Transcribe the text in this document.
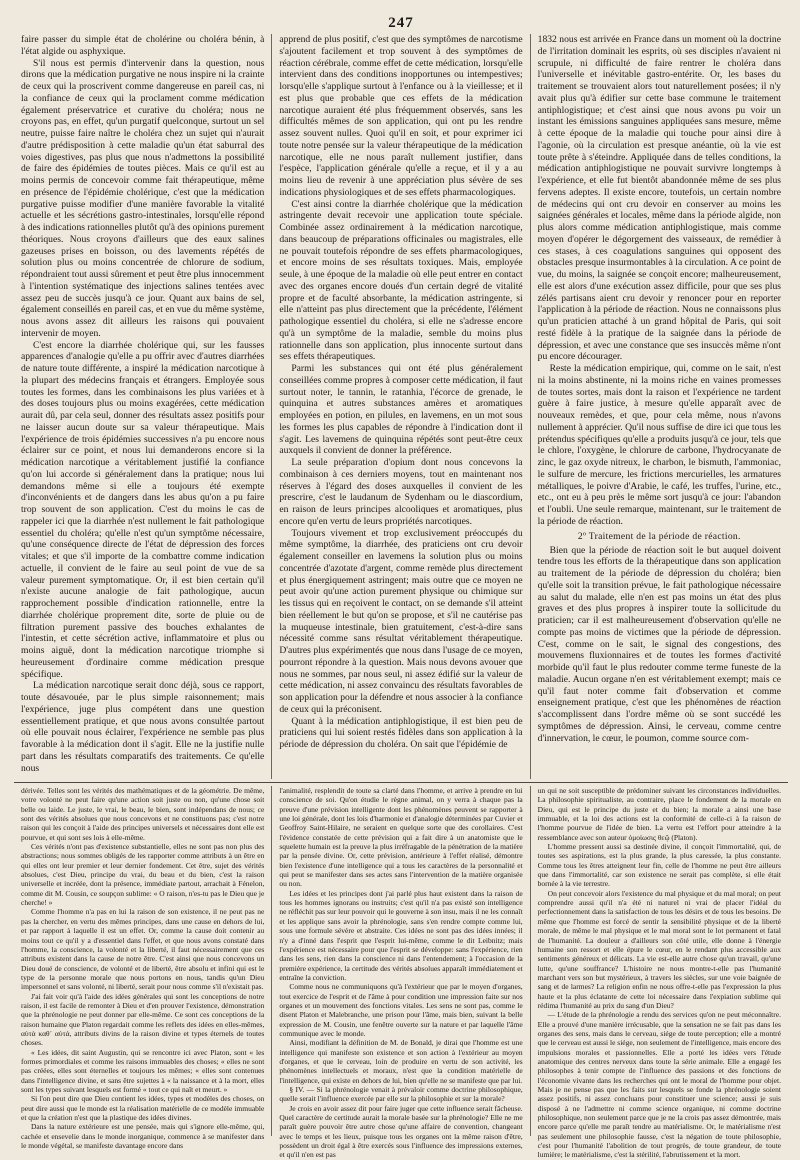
247

faire passer du simple état de cholérine ou choléra bénin, à l'état algide ou asphyxique.

S'il nous est permis d'intervenir dans la question, nous dirons que la médication purgative ne nous inspire ni la crainte de ceux qui la proscrivent comme dangereuse en pareil cas, ni la confiance de ceux qui la proclament comme médication également préservatrice et curative du choléra; nous ne croyons pas, en effet, qu'un purgatif quelconque, surtout un sel neutre, puisse faire naître le choléra chez un sujet qui n'aurait d'autre prédisposition à cette maladie qu'un état saburral des voies digestives, pas plus que nous n'admettons la possibilité de faire des épidémies de toutes pièces. Mais ce qu'il est au moins permis de concevoir comme fait thérapeutique, même en présence de l'épidémie cholérique, c'est que la médication purgative puisse modifier d'une manière favorable la vitalité actuelle et les sécrétions gastro-intestinales, lorsqu'elle répond à des indications rationnelles plutôt qu'à des opinions purement théoriques. Nous croyons d'ailleurs que des eaux salines gazeuses prises en boisson, ou des lavements répétés de solution plus ou moins concentrée de chlorure de sodium, répondraient tout aussi sûrement et peut être plus innocemment à l'intention systématique des injections salines tentées avec assez peu de succès jusqu'à ce jour. Quant aux bains de sel, également conseillés en pareil cas, et en vue du même système, nous avons assez dit ailleurs les raisons qui pouvaient intervenir de moyen.

C'est encore la diarrhée cholérique qui, sur les fausses apparences d'analogie qu'elle a pu offrir avec d'autres diarrhées de nature toute différente, a inspiré la médication narcotique à la plupart des médecins français et étrangers. Employée sous toutes les formes, dans les combinaisons les plus variées et à des doses toujours plus ou moins exagérées, cette médication aurait dû, par cela seul, donner des résultats assez positifs pour ne laisser aucun doute sur sa valeur thérapeutique. Mais l'expérience de trois épidémies successives n'a pu encore nous éclairer sur ce point, et nous lui demanderons encore si la médication narcotique a véritablement justifié la confiance qu'on lui accorde si généralement dans la pratique; nous lui demandons même si elle a toujours été exempte d'inconvénients et de dangers dans les abus qu'on a pu faire trop souvent de son application. C'est du moins le cas de rappeler ici que la diarrhée n'est nullement le fait pathologique essentiel du choléra; qu'elle n'est qu'un symptôme nécessaire, qu'une conséquence directe de l'état de dépression des forces vitales; et que s'il importe de la combattre comme indication actuelle, il convient de le faire au seul point de vue de sa valeur purement symptomatique. Or, il est bien certain qu'il n'existe aucune analogie de fait pathologique, aucun rapprochement possible d'indication rationnelle, entre la diarrhée cholérique proprement dite, sorte de pluie ou de filtration purement passive des bouches exhalantes de l'intestin, et cette sécrétion active, inflammatoire et plus ou moins aiguë, dont la médication narcotique triomphe si heureusement d'ordinaire comme médication presque spécifique.

La médication narcotique serait donc déjà, sous ce rapport, toute désavouée, par le plus simple raisonnement; mais l'expérience, juge plus compétent dans une question essentiellement pratique, et que nous avons consultée partout où elle pouvait nous éclairer, l'expérience ne semble pas plus favorable à la médication dont il s'agit. Elle ne la justifie nulle part dans les résultats comparatifs des traitements. Ce qu'elle nous

apprend de plus positif, c'est que des symptômes de narcotisme s'ajoutent facilement et trop souvent à des symptômes de réaction cérébrale, comme effet de cette médication, lorsqu'elle intervient dans des conditions inopportunes ou intempestives; lorsqu'elle s'applique surtout à l'enfance ou à la vieillesse; et il est plus que probable que ces effets de la médication narcotique auraient été plus fréquemment observés, sans les difficultés mêmes de son application, qui ont pu les rendre assez souvent nulles. Quoi qu'il en soit, et pour exprimer ici toute notre pensée sur la valeur thérapeutique de la médication narcotique, elle ne nous paraît nullement justifier, dans l'espèce, l'application générale qu'elle a reçue, et il y a au moins lieu de revenir à une appréciation plus sévère de ses indications physiologiques et de ses effets pharmacologiques.

C'est ainsi contre la diarrhée cholérique que la médication astringente devait recevoir une application toute spéciale. Combinée assez ordinairement à la médication narcotique, dans beaucoup de préparations officinales ou magistrales, elle ne pouvait toutefois répondre de ses effets pharmacologiques, et encore moins de ses résultats toxiques. Mais, employée seule, à une époque de la maladie où elle peut entrer en contact avec des organes encore doués d'un certain degré de vitalité propre et de faculté absorbante, la médication astringente, si elle n'atteint pas plus directement que la précédente, l'élément pathologique essentiel du choléra, si elle ne s'adresse encore qu'à un symptôme de la maladie, semble du moins plus rationnelle dans son application, plus innocente surtout dans ses effets thérapeutiques.

Parmi les substances qui ont été plus généralement conseillées comme propres à composer cette médication, il faut surtout noter, le tannin, le ratanhia, l'écorce de grenade, le quinquina et autres substances amères et aromatiques employées en potion, en pilules, en lavemens, en un mot sous les formes les plus capables de répondre à l'indication dont il s'agit. Les lavemens de quinquina répétés sont peut-être ceux auxquels il convient de donner la préférence.

La seule préparation d'opium dont nous concevons la combinaison à ces derniers moyens, tout en maintenant nos réserves à l'égard des doses auxquelles il convient de les prescrire, c'est le laudanum de Sydenham ou le diascordium, en raison de leurs principes alcooliques et aromatiques, plus encore qu'en vertu de leurs propriétés narcotiques.

Toujours vivement et trop exclusivement préoccupés du même symptôme, la diarrhée, des praticiens ont cru devoir également conseiller en lavemens la solution plus ou moins concentrée d'azotate d'argent, comme remède plus directement et plus énergiquement astringent; mais outre que ce moyen ne peut avoir qu'une action purement physique ou chimique sur les tissus qui en reçoivent le contact, on se demande s'il atteint bien réellement le but qu'on se propose, et s'il ne cautérise pas la muqueuse intestinale, bien gratuitement, c'est-à-dire sans nécessité comme sans résultat véritablement thérapeutique. D'autres plus expérimentés que nous dans l'usage de ce moyen, pourront répondre à la question. Mais nous devons avouer que nous ne sommes, par nous seul, ni assez édifié sur la valeur de cette médication, ni assez convaincu des résultats favorables de son application pour la défendre et nous associer à la confiance de ceux qui la préconisent.

Quant à la médication antiphlogistique, il est bien peu de praticiens qui lui soient restés fidèles dans son application à la période de dépression du choléra. On sait que l'épidémie de

1832 nous est arrivée en France dans un moment où la doctrine de l'irritation dominait les esprits, où ses disciples n'avaient ni scrupule, ni difficulté de faire rentrer le choléra dans l'universelle et inévitable gastro-entérite. Or, les bases du traitement se trouvaient alors tout naturellement posées; il n'y avait plus qu'à édifier sur cette base commune le traitement antiphlogistique; et c'est ainsi que nous avons pu voir un instant les émissions sanguines appliquées sans mesure, même à cette époque de la maladie qui touche pour ainsi dire à l'agonie, où la circulation est presque anéantie, où la vie est toute prête à s'éteindre. Appliquée dans de telles conditions, la médication antiphlogistique ne pouvait survivre longtemps à l'expérience, et elle fut bientôt abandonnée même de ses plus fervens adeptes. Il existe encore, toutefois, un certain nombre de médecins qui ont cru devoir en conserver au moins les saignées générales et locales, même dans la période algide, non plus alors comme médication antiphlogistique, mais comme moyen d'opérer le dégorgement des vaisseaux, de remédier à ces stases, à ces coagulations sanguines qui opposent des obstacles presque insurmontables à la circulation. A ce point de vue, du moins, la saignée se conçoit encore; malheureusement, elle est alors d'une exécution assez difficile, pour que ses plus zélés partisans aient cru devoir y renoncer pour en reporter l'application à la période de réaction. Nous ne connaissons plus qu'un praticien attaché à un grand hôpital de Paris, qui soit resté fidèle à la pratique de la saignée dans la période de dépression, et avec une constance que ses insuccès même n'ont pu encore décourager.

Reste la médication empirique, qui, comme on le sait, n'est ni la moins abstinente, ni la moins riche en vaines promesses de toutes sortes, mais dont la raison et l'expérience ne tardent guère à faire justice, à mesure qu'elle apparaît avec de nouveaux remèdes, et que, pour cela même, nous n'avons nullement à apprécier. Qu'il nous suffise de dire ici que tous les prétendus spécifiques qu'elle a produits jusqu'à ce jour, tels que le chlore, l'oxygène, le chlorure de carbone, l'hydrocyanate de zinc, le gaz oxyde nitreux, le charbon, le bismuth, l'ammoniac, le sulfure de mercure, les frictions mercurielles, les armatures métalliques, le poivre d'Arabie, le café, les truffes, l'urine, etc., etc., ont eu à peu près le même sort jusqu'à ce jour: l'abandon et l'oubli. Une seule remarque, maintenant, sur le traitement de la période de réaction.

2º Traitement de la période de réaction.

Bien que la période de réaction soit le but auquel doivent tendre tous les efforts de la thérapeutique dans son application au traitement de la période de dépression du choléra; bien qu'elle soit la transition prévue, le fait pathologique nécessaire au salut du malade, elle n'en est pas moins un état des plus graves et des plus propres à inspirer toute la sollicitude du praticien; car il est malheureusement d'observation qu'elle ne compte pas moins de victimes que la période de dépression. C'est, comme on le sait, le signal des congestions, des mouvemens fluxionnaires et de toutes les formes d'activité morbide qu'il faut le plus redouter comme terme funeste de la maladie. Aucun organe n'en est véritablement exempt; mais ce qu'il faut noter comme fait d'observation et comme enseignement pratique, c'est que les phénomènes de réaction s'accomplissent dans l'ordre même où se sont succédé les symptômes de dépression. Ainsi, le cerveau, comme centre d'innervation, le cœur, le poumon, comme source com-

dérivée. Telles sont les vérités des mathématiques et de la géométrie. De même, votre volonté ne peut faire qu'une action soit juste ou non, qu'une chose soit belle ou laide. Le juste, le vrai, le beau, le bien, sont indépendans de nous; ce sont des vérités absolues que nous concevons et ne constituons pas; c'est notre raison qui les conçoit à l'aide des principes universels et nécessaires dont elle est pourvue, et qui sont ses lois à elle-même.

Ces vérités n'ont pas d'existence substantielle, elles ne sont pas non plus des abstractions; nous sommes obligés de les rapporter comme attributs à un être en qui elles ont leur premier et leur dernier fondement. Cet être, sujet des vérités absolues, c'est Dieu, principe du vrai, du beau et du bien, c'est la raison universelle et incréée, dont la présence, immédiate partout, arrachait à Fénelon, comme dit M. Cousin, ce soupçon sublime: « O raison, n'es-tu pas le Dieu que je cherche! »

Comme l'homme n'a pas en lui la raison de son existence, il ne peut pas ne pas la chercher, en vertu des mêmes principes, dans une cause en dehors de lui, et par rapport à laquelle il est un effet. Or, comme la cause doit contenir au moins tout ce qu'il y a d'essentiel dans l'effet, et que nous avons constaté dans l'homme, la conscience, la volonté et la liberté, il faut nécessairement que ces attributs existent dans la cause de notre être. C'est ainsi que nous concevons un Dieu doué de conscience, de volonté et de liberté, être absolu et infini qui est le type de la personne morale que nous portons en nous, tandis qu'un Dieu impersonnel et sans volonté, ni liberté, serait pour nous comme s'il n'existait pas.

J'ai fait voir qu'à l'aide des idées générales qui sont les conceptions de notre raison, il est facile de remonter à Dieu et d'en prouver l'existence, démonstration que la phrénologie ne peut donner par elle-même. Ce sont ces conceptions de la raison humaine que Platon regardait comme les reflets des idées en elles-mêmes, αὐτὰ καθ᾽ αὑτά, attributs divins de la raison divine et types éternels de toutes choses.

« Les idées, dit saint Augustin, qui se rencontre ici avec Platon, sont « les formes primordiales et comme les raisons immuables des choses; « elles ne sont pas créées, elles sont éternelles et toujours les mêmes; « elles sont contenues dans l'intelligence divine, et sans être sujettes à « la naissance et à la mort, elles sont les types suivant lesquels est formé « tout ce qui naît et meurt. »

Si l'on peut dire que Dieu contient les idées, types et modèles des choses, on peut dire aussi que le monde est la réalisation matérielle de ce modèle immuable et que la création n'est que la plastique des idées divines.

Dans la nature extérieure est une pensée, mais qui s'ignore elle-même, qui, cachée et ensevelie dans le monde inorganique, commence à se manifester dans le monde végétal, se manifeste davantage encore dans

l'animalité, resplendit de toute sa clarté dans l'homme, et arrive à prendre en lui conscience de soi. Qu'on étudie le règne animal, on y verra à chaque pas la preuve d'une prévision intelligente dont les phénomènes peuvent se rapporter à une loi générale, dont les lois d'harmonie et d'analogie déterminées par Cuvier et Geoffroy Saint-Hilaire, ne seraient en quelque sorte que des corollaires. C'est l'évidence constatée de cette prévision qui a fait dire à un anatomiste que le squelette humain est la preuve la plus irréfragable de la pénétration de la matière par la pensée divine. Or, cette prévision, antérieure à l'effet réalisé, démontre bien l'existence d'une intelligence qui a tous les caractères de la personnalité et qui peut se manifester dans ses actes sans l'intervention de la matière organisée ou non.

Les idées et les principes dont j'ai parlé plus haut existent dans la raison de tous les hommes ignorans ou instruits; c'est qu'il n'a pas existé son intelligence ne réfléchit pas sur leur pouvoir qui le gouverne à son insu, mais il ne les connaît et les applique sans avoir la phrénologie, sans s'en rendre compte comme lui, sous une formule sévère et abstraite. Ces idées ne sont pas des idées innées; il n'y a d'inné dans l'esprit que l'esprit lui-même, comme le dit Leibnitz; mais l'expérience est nécessaire pour que l'esprit se développe: sans l'expérience, rien dans les sens, rien dans la conscience ni dans l'entendement; à l'occasion de la première expérience, la certitude des vérités absolues apparaît immédiatement et entraîne la conviction.

Comme nous ne communiquons qu'à l'extérieur que par le moyen d'organes, tout exercice de l'esprit et de l'âme à pour condition une impression faite sur nos organes et un mouvement des fonctions vitales. Les sens ne sont pas, comme le disent Platon et Malebranche, une prison pour l'âme, mais bien, suivant la belle expression de M. Cousin, une fenêtre ouverte sur la nature et par laquelle l'âme communique avec le monde.

Ainsi, modifiant la définition de M. de Bonald, je dirai que l'homme est une intelligence qui manifeste son existence et son action à l'extérieur au moyen d'organes, et que le cerveau, loin de produire en vertu de son activité, les phénomènes intellectuels et moraux, n'est que la condition matérielle de l'intelligence, qui existe en dehors de lui, bien qu'elle ne se manifeste que par lui.

§ IV. — Si la phrénologie venait à prévaloir comme doctrine philosophique, quelle serait l'influence exercée par elle sur la philosophie et sur la morale?

Je crois en avoir assez dit pour faire juger que cette influence serait fâcheuse. Quel caractère de certitude aurait la morale basée sur la phrénologie? Elle ne me paraît guère pouvoir être autre chose qu'une affaire de convention, changeant avec le temps et les lieux, puisque tous les organes ont la même raison d'être, possèdent un droit égal à être exercés sous l'influence des impressions externes, et qu'il n'en est pas

un qui ne soit susceptible de prédominer suivant les circonstances individuelles. La philosophie spiritualiste, au contraire, place le fondement de la morale en Dieu, qui est le principe du juste et du bien; la morale a ainsi une base immuable, et la loi des actions est la conformité de celle-ci à la raison de l'homme pourvue de l'idée de bien. La vertu est l'effort pour atteindre à la ressemblance avec son auteur ὁμοίωσις θεῷ (Platon).

L'homme pressent aussi sa destinée divine, il conçoit l'immortalité, qui, de toutes ses aspirations, est la plus grande, la plus caressée, la plus constante. Comme tous les êtres atteignent leur fin, celle de l'homme ne peut être ailleurs que dans l'immortalité, car son existence ne serait pas complète, si elle était bornée à la vie terrestre.

On peut concevoir alors l'existence du mal physique et du mal moral; on peut comprendre aussi qu'il n'a été ni naturel ni vrai de placer l'idéal du perfectionnement dans la satisfaction de tous les désirs et de tous les besoins. De même que l'homme est forcé de sentir la sensibilité physique et de la liberté morale, de même le mal physique et le mal moral sont le lot permanent et fatal de l'humanité. La douleur a d'ailleurs son côté utile, elle donne à l'énergie humaine son ressort et elle épure le cœur, en le rendant plus accessible aux sentiments généreux et délicats. La vie est-elle autre chose qu'un travail, qu'une lutte, qu'une souffrance? L'histoire ne nous montre-t-elle pas l'humanité marchant vers son but mystérieux, à travers les siècles, sur une voie baignée de sang et de larmes? La religion enfin ne nous offre-t-elle pas l'expression la plus haute et la plus éclatante de cette loi nécessaire dans l'expiation sublime qui rédima l'humanité au prix du sang d'un Dieu?

— L'étude de la phrénologie a rendu des services qu'on ne peut méconnaître. Elle a prouvé d'une manière irrécusable, que la sensation ne se fait pas dans les organes des sens, mais dans le cerveau, siége de toute perception; elle a montré que le cerveau est aussi le siége, non seulement de l'intelligence, mais encore des impulsions morales et passionnelles. Elle a porté les idées vers l'étude anatomique des centres nerveux dans toute la série animale. Elle a engagé les philosophes à tenir compte de l'influence des passions et des fonctions de l'économie vivante dans les recherches qui ont le moral de l'homme pour objet. Mais je ne pense pas que les faits sur lesquels se fonde la phrénologie soient assez positifs, ni assez concluans pour constituer une science; aussi je suis disposé à ne l'admettre ni comme science organique, ni comme doctrine philosophique, non seulement parce que je ne la crois pas assez démontrée, mais encore parce qu'elle me paraît tendre au matérialisme. Or, le matérialisme n'est pas seulement une philosophie fausse, c'est la négation de toute philosophie, c'est pour l'humanité l'abolition de tout progrès, de toute grandeur, de toute lumière; le matérialisme, c'est la stérilité, l'abrutissement et la mort.
